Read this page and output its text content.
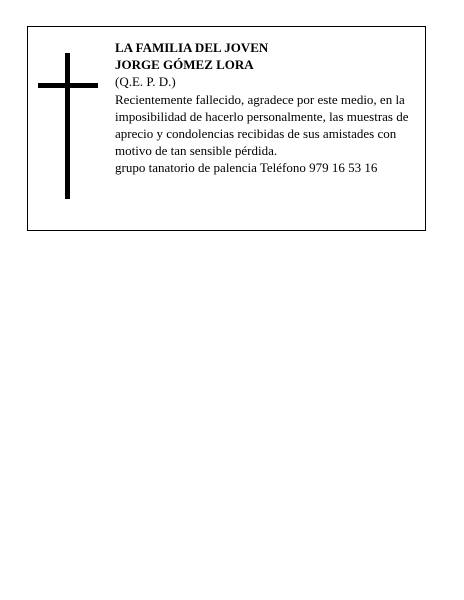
LA FAMILIA DEL JOVEN
JORGE GÓMEZ LORA
(Q.E. P. D.)
Recientemente fallecido, agradece por este medio, en la imposibilidad de hacerlo personalmente, las muestras de aprecio y condolencias recibidas de sus amistades con motivo de tan sensible pérdida.
grupo tanatorio de palencia Teléfono 979 16 53 16
